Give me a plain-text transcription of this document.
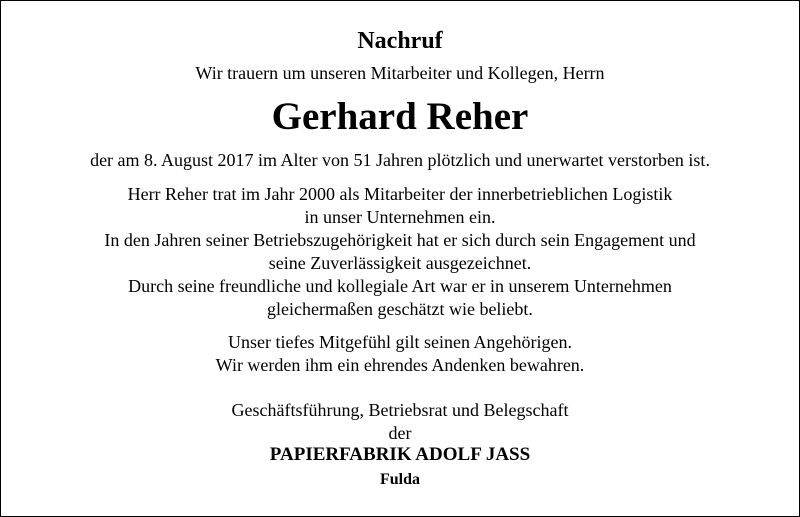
Nachruf
Wir trauern um unseren Mitarbeiter und Kollegen, Herrn
Gerhard Reher
der am 8. August 2017 im Alter von 51 Jahren plötzlich und unerwartet verstorben ist.
Herr Reher trat im Jahr 2000 als Mitarbeiter der innerbetrieblichen Logistik
in unser Unternehmen ein.
In den Jahren seiner Betriebszugehörigkeit hat er sich durch sein Engagement und
seine Zuverlässigkeit ausgezeichnet.
Durch seine freundliche und kollegiale Art war er in unserem Unternehmen
gleichermaßen geschätzt wie beliebt.
Unser tiefes Mitgefühl gilt seinen Angehörigen.
Wir werden ihm ein ehrendes Andenken bewahren.
Geschäftsführung, Betriebsrat und Belegschaft
der
PAPIERFABRIK ADOLF JASS
Fulda
